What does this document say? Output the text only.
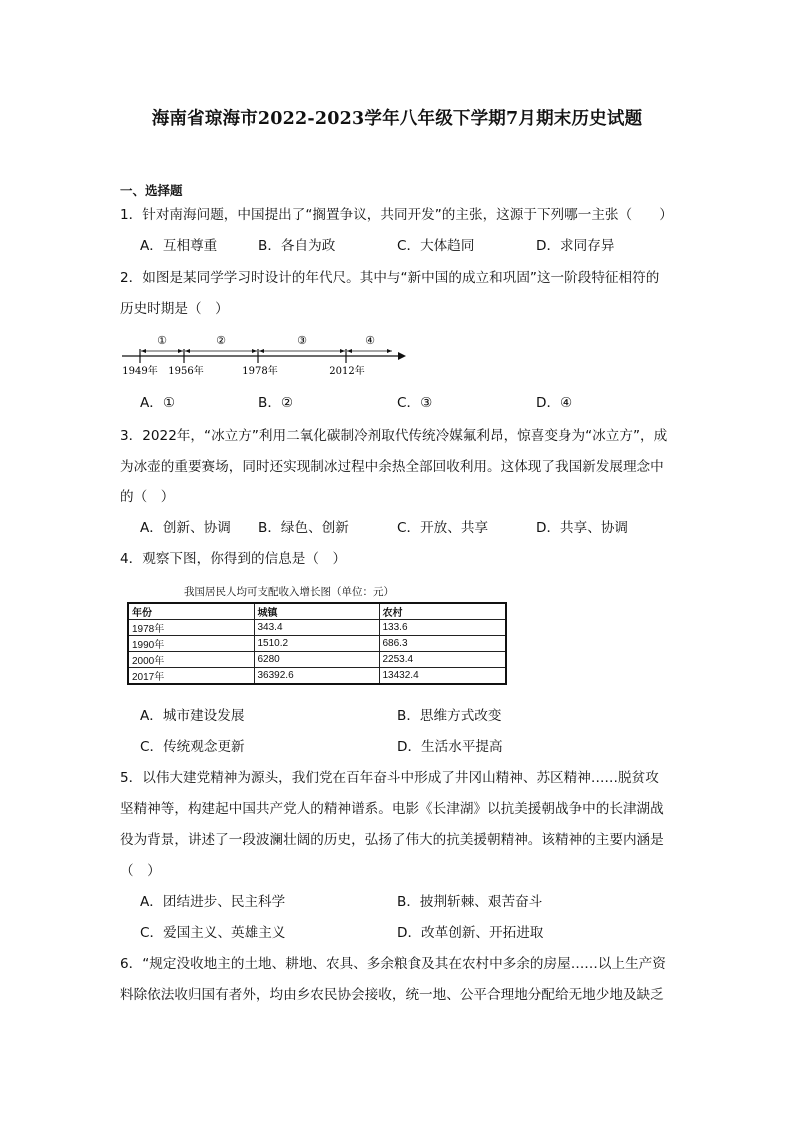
海南省琼海市2022-2023学年八年级下学期7月期末历史试题
一、选择题
1．针对南海问题，中国提出了“搁置争议，共同开发”的主张，这源于下列哪一主张（　　）
A．互相尊重	B．各自为政	C．大体趋同	D．求同存异
2．如图是某同学学习时设计的年代尺。其中与“新中国的成立和巩固”这一阶段特征相符的
历史时期是（　）
①	②	③	④
1949年 1956年	1978年	2012年
A．①	B．②	C．③	D．④
3．2022年，“冰立方”利用二氧化碳制冷剂取代传统冷媒氟利昂，惊喜变身为“冰立方”，成
为冰壶的重要赛场，同时还实现制冰过程中余热全部回收利用。这体现了我国新发展理念中
的（　）
A．创新、协调 B．绿色、创新	C．开放、共享	D．共享、协调
4．观察下图，你得到的信息是（　）
我国居民人均可支配收入增长图（单位：元）
年份	城镇	农村
1978年	343.4	133.6
1990年	1510.2	686.3
2000年	6280	2253.4
2017年	36392.6	13432.4
A．城市建设发展	B．思维方式改变
C．传统观念更新	D．生活水平提高
5．以伟大建党精神为源头，我们党在百年奋斗中形成了井冈山精神、苏区精神……脱贫攻
坚精神等，构建起中国共产党人的精神谱系。电影《长津湖》以抗美援朝战争中的长津湖战
役为背景，讲述了一段波澜壮阔的历史，弘扬了伟大的抗美援朝精神。该精神的主要内涵是
（　）
A．团结进步、民主科学	B．披荆斩棘、艰苦奋斗
C．爱国主义、英雄主义	D．改革创新、开拓进取
6．“规定没收地主的土地、耕地、农具、多余粮食及其在农村中多余的房屋……以上生产资
料除依法收归国有者外，均由乡农民协会接收，统一地、公平合理地分配给无地少地及缺乏
